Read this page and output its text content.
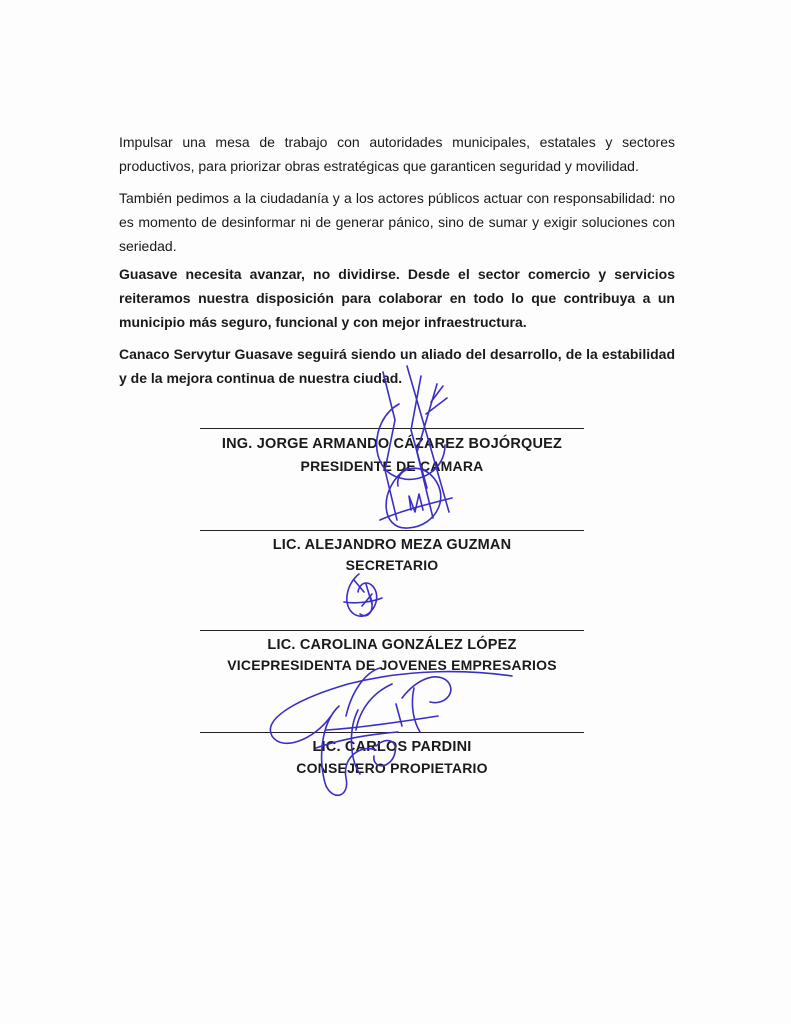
Impulsar una mesa de trabajo con autoridades municipales, estatales y sectores productivos, para priorizar obras estratégicas que garanticen seguridad y movilidad.

También pedimos a la ciudadanía y a los actores públicos actuar con responsabilidad: no es momento de desinformar ni de generar pánico, sino de sumar y exigir soluciones con seriedad.

Guasave necesita avanzar, no dividirse. Desde el sector comercio y servicios reiteramos nuestra disposición para colaborar en todo lo que contribuya a un municipio más seguro, funcional y con mejor infraestructura.

Canaco Servytur Guasave seguirá siendo un aliado del desarrollo, de la estabilidad y de la mejora continua de nuestra ciudad.

ING. JORGE ARMANDO CÁZAREZ BOJÓRQUEZ

PRESIDENTE DE CAMARA

LIC. ALEJANDRO MEZA GUZMAN

SECRETARIO

LIC. CAROLINA GONZÁLEZ LÓPEZ

VICEPRESIDENTA DE JOVENES EMPRESARIOS

LIC. CARLOS PARDINI

CONSEJERO PROPIETARIO
